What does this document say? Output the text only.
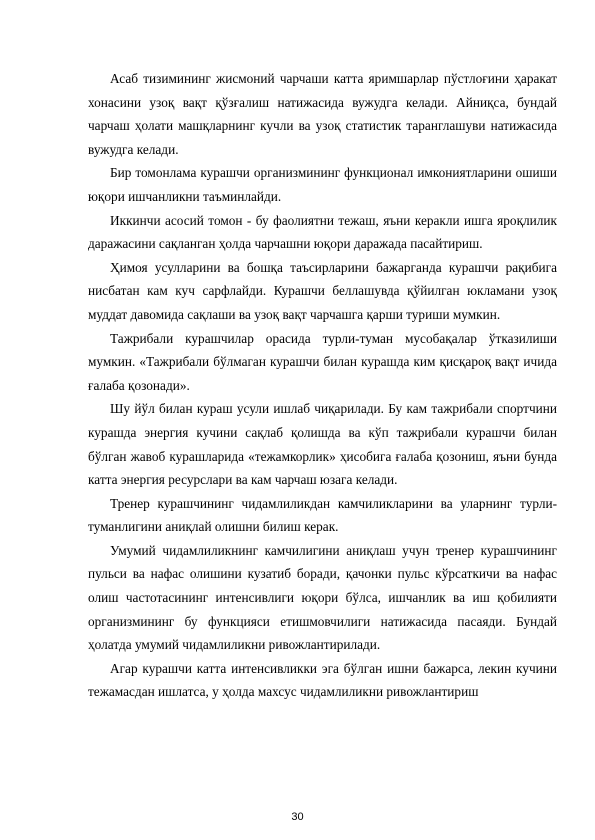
Асаб тизимининг жисмоний чарчаши катта яримшарлар пўстлоғини ҳаракат хонасини узоқ вақт қўзғалиш натижасида вужудга келади. Айниқса, бундай чарчаш ҳолати машқларнинг кучли ва узоқ статистик таранглашуви натижасида вужудга келади.

Бир томонлама курашчи организмининг функционал имкониятларини ошиши юқори ишчанликни таъминлайди.

Иккинчи асосий томон - бу фаолиятни тежаш, яъни керакли ишга яроқлилик даражасини сақланган ҳолда чарчашни юқори даражада пасайтириш.

Ҳимоя усулларини ва бошқа таъсирларини бажарганда курашчи рақибига нисбатан кам куч сарфлайди. Курашчи беллашувда қўйилган юкламани узоқ муддат давомида сақлаши ва узоқ вақт чарчашга қарши туриши мумкин.

Тажрибали курашчилар орасида турли-туман мусобақалар ўтказилиши мумкин. «Тажрибали бўлмаган курашчи билан курашда ким қисқароқ вақт ичида ғалаба қозонади».

Шу йўл билан кураш усули ишлаб чиқарилади. Бу кам тажрибали спортчини курашда энергия кучини сақлаб қолишда ва кўп тажрибали курашчи билан бўлган жавоб курашларида «тежамкорлик» ҳисобига ғалаба қозониш, яъни бунда катта энергия ресурслари ва кам чарчаш юзага келади.

Тренер курашчининг чидамлиликдан камчиликларини ва уларнинг турли-туманлигини аниқлай олишни билиш керак.

Умумий чидамлиликнинг камчилигини аниқлаш учун тренер курашчининг пульси ва нафас олишини кузатиб боради, қачонки пульс кўрсаткичи ва нафас олиш частотасининг интенсивлиги юқори бўлса, ишчанлик ва иш қобилияти организмининг бу функцияси етишмовчилиги натижасида пасаяди. Бундай ҳолатда умумий чидамлиликни ривожлантирилади.

Агар курашчи катта интенсивликки эга бўлган ишни бажарса, лекин кучини тежамасдан ишлатса, у ҳолда махсус чидамлиликни ривожлантириш

30
